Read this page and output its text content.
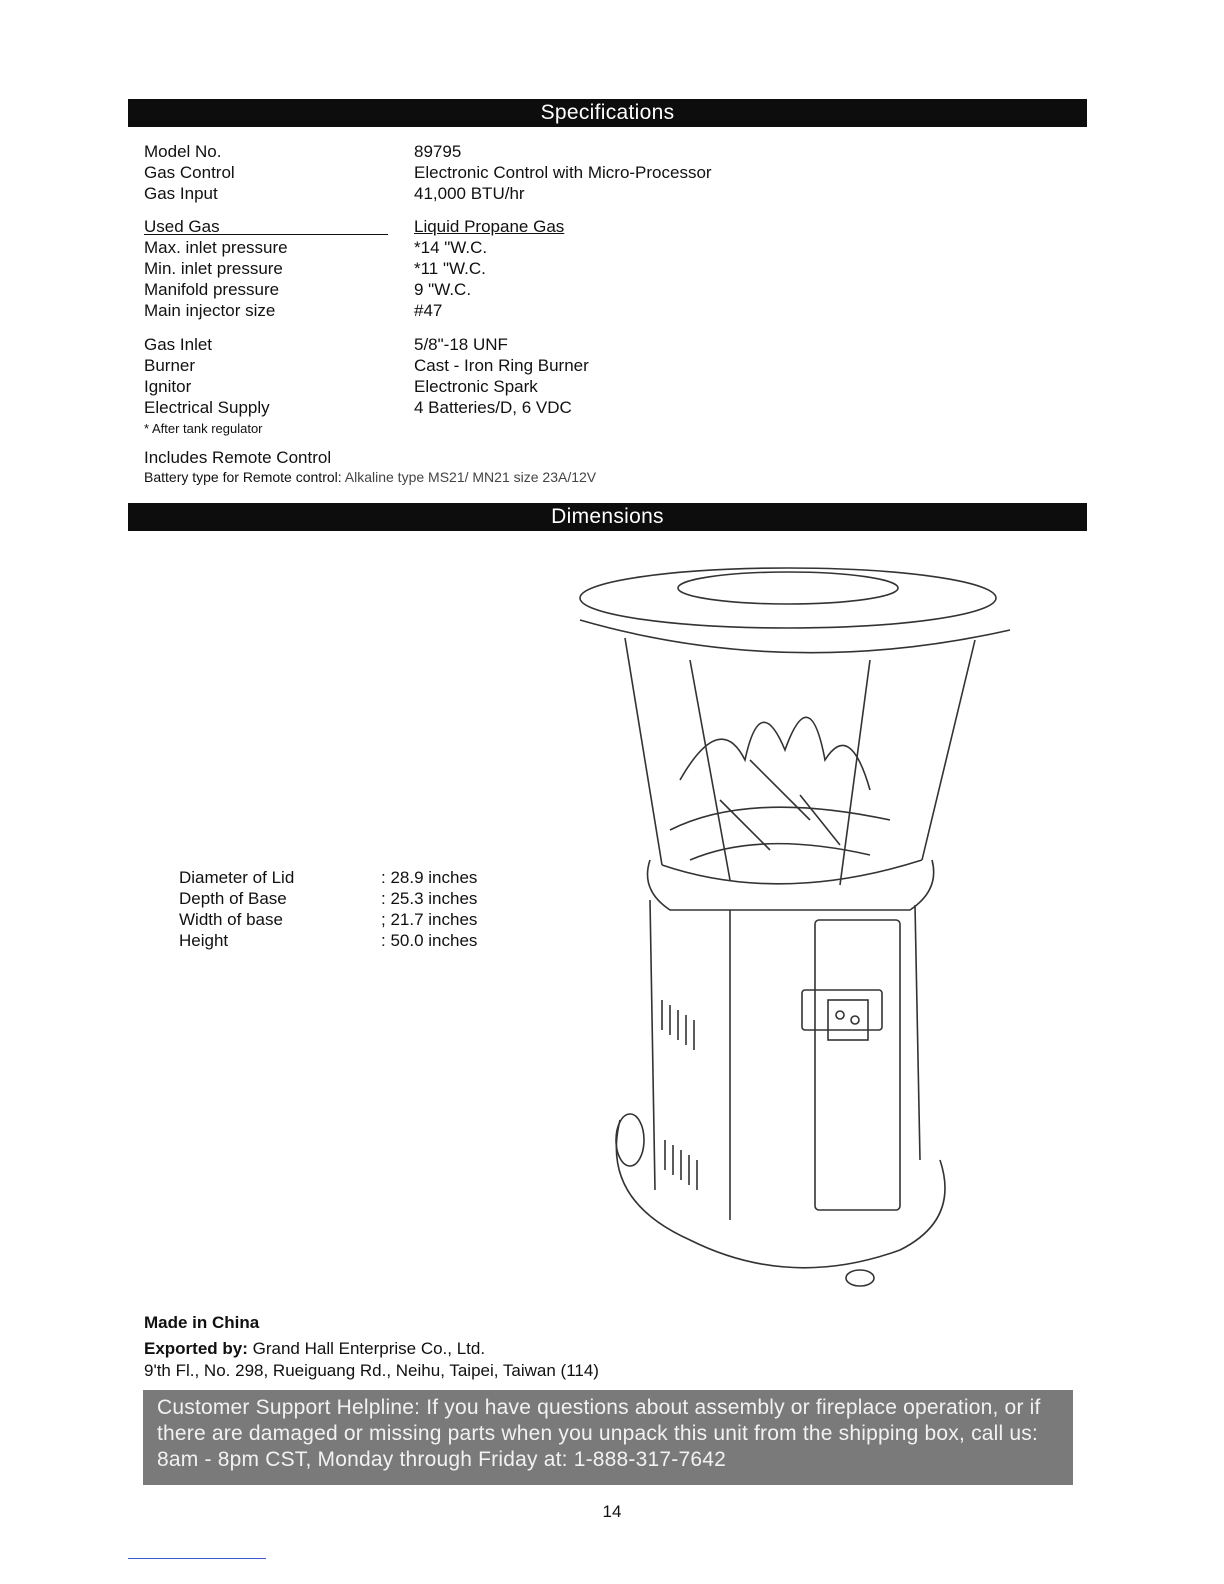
Specifications
Model No.	89795
Gas Control	Electronic Control with Micro-Processor
Gas Input	41,000 BTU/hr
Used Gas	Liquid Propane Gas
Max. inlet pressure	*14 "W.C.
Min. inlet pressure	*11 "W.C.
Manifold pressure	9 "W.C.
Main injector size	#47
Gas Inlet	5/8"-18 UNF
Burner	Cast - Iron Ring Burner
Ignitor	Electronic Spark
Electrical Supply	4 Batteries/D, 6 VDC
* After tank regulator
Includes Remote Control
Battery type for Remote control: Alkaline type MS21/ MN21 size 23A/12V
Dimensions
Diameter of Lid	: 28.9 inches
Depth of Base	: 25.3 inches
Width of base	; 21.7 inches
Height	: 50.0 inches
Made in China
Exported by: Grand Hall Enterprise Co., Ltd.
9'th Fl., No. 298, Rueiguang Rd., Neihu, Taipei, Taiwan (114)
Customer Support Helpline: If you have questions about assembly or fireplace operation, or if
there are damaged or missing parts when you unpack this unit from the shipping box, call us:
8am - 8pm CST, Monday through Friday at: 1-888-317-7642
14
